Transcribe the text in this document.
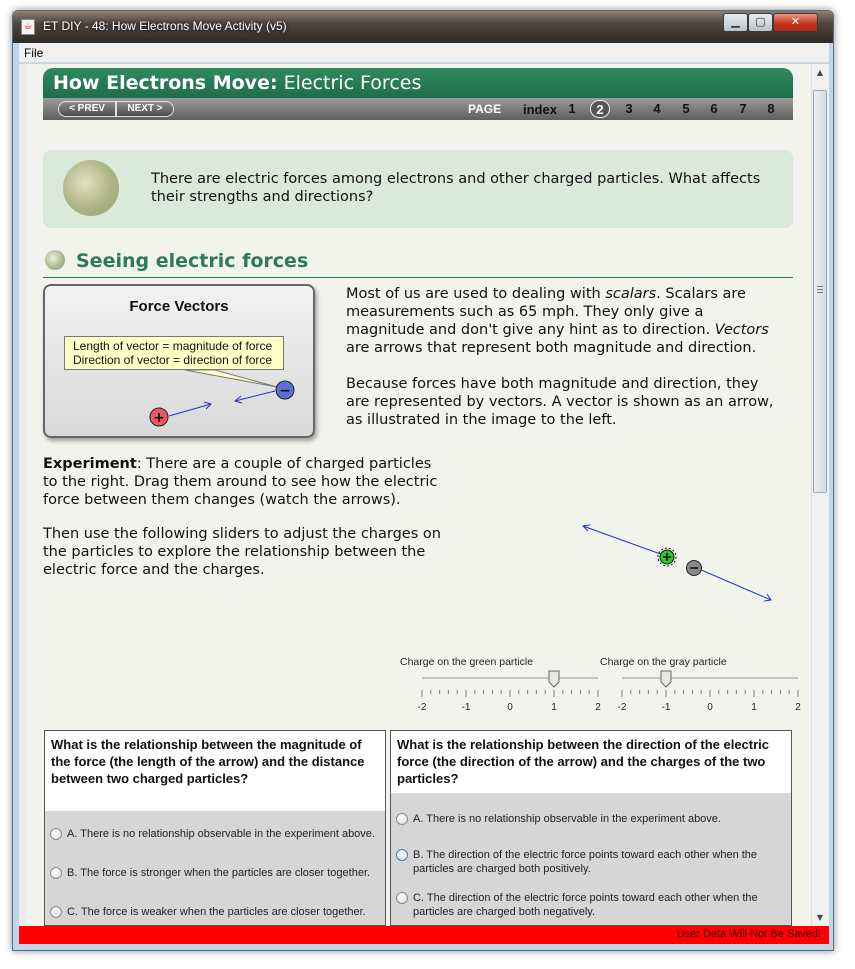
☕ ET DIY - 48: How Electrons Move Activity (v5)	▁	▢	✕
File
How Electrons Move: Electric Forces
< PREV	NEXT >	PAGE index 1	2	3	4	5	6	7	8
There are electric forces among electrons and other charged particles. What affects their strengths and directions?
Seeing electric forces
Force Vectors
−
+
Length of vector = magnitude of force
Direction of vector = direction of force
Most of us are used to dealing with scalars. Scalars are measurements such as 65 mph. They only give a magnitude and don't give any hint as to direction. Vectors are arrows that represent both magnitude and direction.
Because forces have both magnitude and direction, they are represented by vectors. A vector is shown as an arrow, as illustrated in the image to the left.
Experiment: There are a couple of charged particles to the right. Drag them around to see how the electric force between them changes (watch the arrows).
Then use the following sliders to adjust the charges on the particles to explore the relationship between the electric force and the charges.
Charge on the green particle
-2	-1	0	1	2
Charge on the gray particle
-2	-1	0	1	2
What is the relationship between the magnitude of the force (the length of the arrow) and the distance between two charged particles?
A. There is no relationship observable in the experiment above.
B. The force is stronger when the particles are closer together.
C. The force is weaker when the particles are closer together.
What is the relationship between the direction of the electric force (the direction of the arrow) and the charges of the two particles?
A. There is no relationship observable in the experiment above.
B. The direction of the electric force points toward each other when the particles are charged both positively.
C. The direction of the electric force points toward each other when the particles are charged both negatively.
▲
▼
User Data Will Not Be Saved!
